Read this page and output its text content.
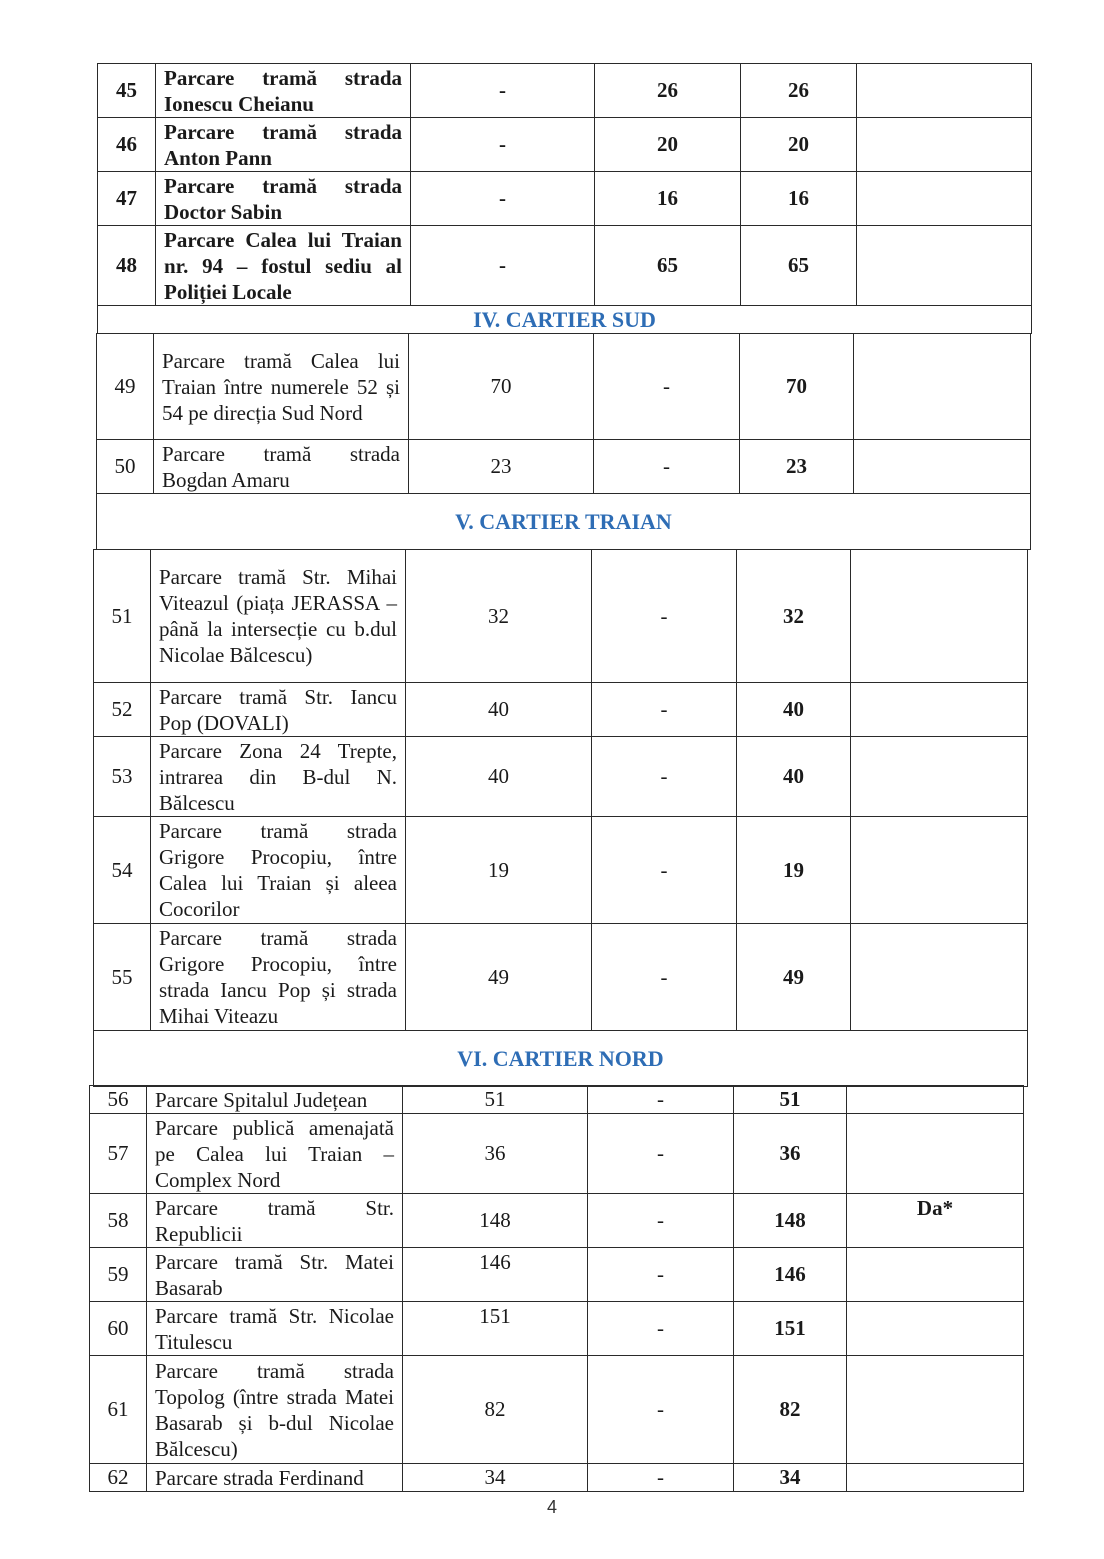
45	Parcare tramă strada Ionescu Cheianu	-	26	26	
46	Parcare tramă strada Anton Pann	-	20	20	
47	Parcare tramă strada Doctor Sabin	-	16	16	
48	Parcare Calea lui Traian nr. 94 – fostul sediu al Poliției Locale	-	65	65	
IV. CARTIER SUD					
49	Parcare tramă Calea lui Traian între numerele 52 și 54 pe direcția Sud Nord	70	-	70	
50	Parcare tramă strada Bogdan Amaru	23	-	23	
V. CARTIER TRAIAN					
51	Parcare tramă Str. Mihai Viteazul (piața JERASSA – până la intersecție cu b.dul Nicolae Bălcescu)	32	-	32	
52	Parcare tramă Str. Iancu Pop (DOVALI)	40	-	40	
53	Parcare Zona 24 Trepte, intrarea din B-dul N. Bălcescu	40	-	40	
54	Parcare tramă strada Grigore Procopiu, între Calea lui Traian și aleea Cocorilor	19	-	19	
55	Parcare tramă strada Grigore Procopiu, între strada Iancu Pop și strada Mihai Viteazu	49	-	49	
VI. CARTIER NORD					
56	Parcare Spitalul Județean	51	-	51	
57	Parcare publică amenajată pe Calea lui Traian – Complex Nord	36	-	36	
58	Parcare tramă Str. Republicii	148	-	148	Da*
59	Parcare tramă Str. Matei Basarab	146	-	146	
60	Parcare tramă Str. Nicolae Titulescu	151	-	151	
61	Parcare tramă strada Topolog (între strada Matei Basarab și b-dul Nicolae Bălcescu)	82	-	82	
62	Parcare strada Ferdinand	34	-	34	
4
